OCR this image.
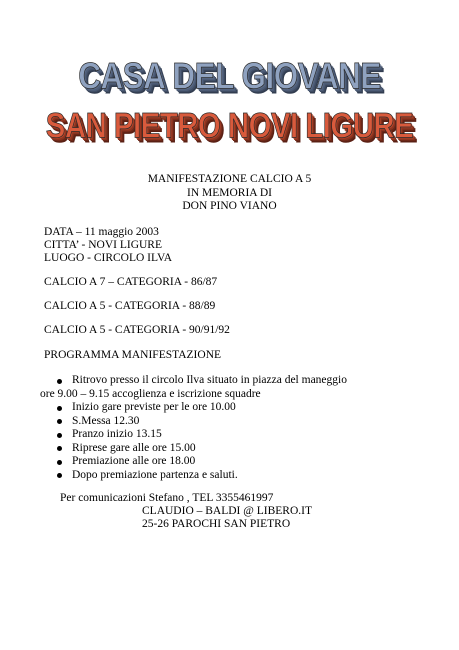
CASA DEL GIOVANE
SAN PIETRO NOVI LIGURE
MANIFESTAZIONE CALCIO A 5
IN MEMORIA DI
DON PINO VIANO
DATA – 11 maggio 2003
CITTA’ - NOVI LIGURE
LUOGO - CIRCOLO ILVA
CALCIO A 7 – CATEGORIA - 86/87
CALCIO A 5 - CATEGORIA - 88/89
CALCIO A 5 - CATEGORIA - 90/91/92
PROGRAMMA MANIFESTAZIONE
Ritrovo presso il circolo Ilva situato in piazza del maneggio
ore 9.00 – 9.15 accoglienza e iscrizione squadre
Inizio gare previste per le ore 10.00
S.Messa 12.30
Pranzo inizio 13.15
Riprese gare alle ore 15.00
Premiazione alle ore 18.00
Dopo premiazione partenza e saluti.
Per comunicazioni Stefano , TEL 3355461997
CLAUDIO – BALDI @ LIBERO.IT
25-26 PAROCHI SAN PIETRO
